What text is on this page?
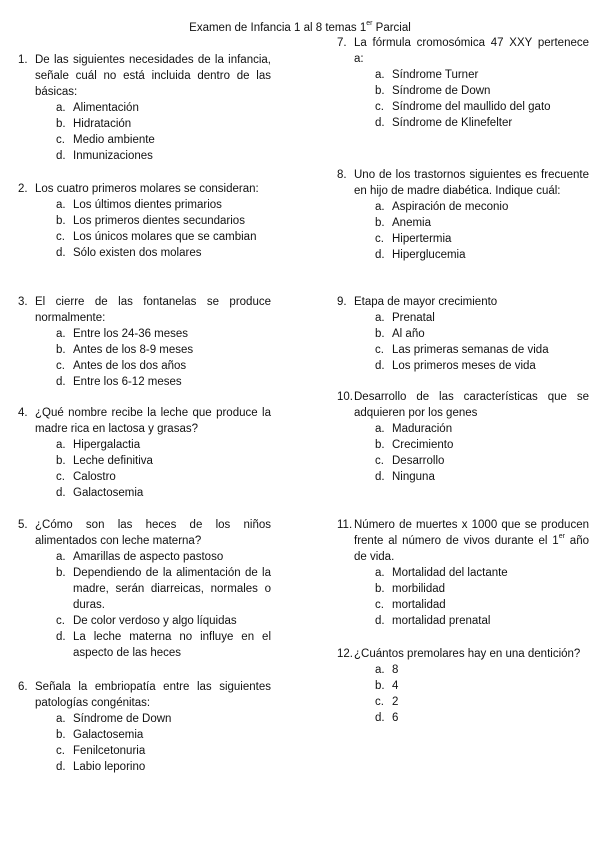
Examen de Infancia 1 al 8 temas 1er Parcial
1. De las siguientes necesidades de la infancia, señale cuál no está incluida dentro de las básicas:
a. Alimentación
b. Hidratación
c. Medio ambiente
d. Inmunizaciones
2. Los cuatro primeros molares se consideran:
a. Los últimos dientes primarios
b. Los primeros dientes secundarios
c. Los únicos molares que se cambian
d. Sólo existen dos molares
3. El cierre de las fontanelas se produce normalmente:
a. Entre los 24-36 meses
b. Antes de los 8-9 meses
c. Antes de los dos años
d. Entre los 6-12 meses
4. ¿Qué nombre recibe la leche que produce la madre rica en lactosa y grasas?
a. Hipergalactia
b. Leche definitiva
c. Calostro
d. Galactosemia
5. ¿Cómo son las heces de los niños alimentados con leche materna?
a. Amarillas de aspecto pastoso
b. Dependiendo de la alimentación de la madre, serán diarreicas, normales o duras.
c. De color verdoso y algo líquidas
d. La leche materna no influye en el aspecto de las heces
6. Señala la embriopatía entre las siguientes patologías congénitas:
a. Síndrome de Down
b. Galactosemia
c. Fenilcetonuria
d. Labio leporino
7. La fórmula cromosómica 47 XXY pertenece a:
a. Síndrome Turner
b. Síndrome de Down
c. Síndrome del maullido del gato
d. Síndrome de Klinefelter
8. Uno de los trastornos siguientes es frecuente en hijo de madre diabética. Indique cuál:
a. Aspiración de meconio
b. Anemia
c. Hipertermia
d. Hiperglucemia
9. Etapa de mayor crecimiento
a. Prenatal
b. Al año
c. Las primeras semanas de vida
d. Los primeros meses de vida
10. Desarrollo de las características que se adquieren por los genes
a. Maduración
b. Crecimiento
c. Desarrollo
d. Ninguna
11. Número de muertes x 1000 que se producen frente al número de vivos durante el 1er año de vida.
a. Mortalidad del lactante
b. morbilidad
c. mortalidad
d. mortalidad prenatal
12. ¿Cuántos premolares hay en una dentición?
a. 8
b. 4
c. 2
d. 6
